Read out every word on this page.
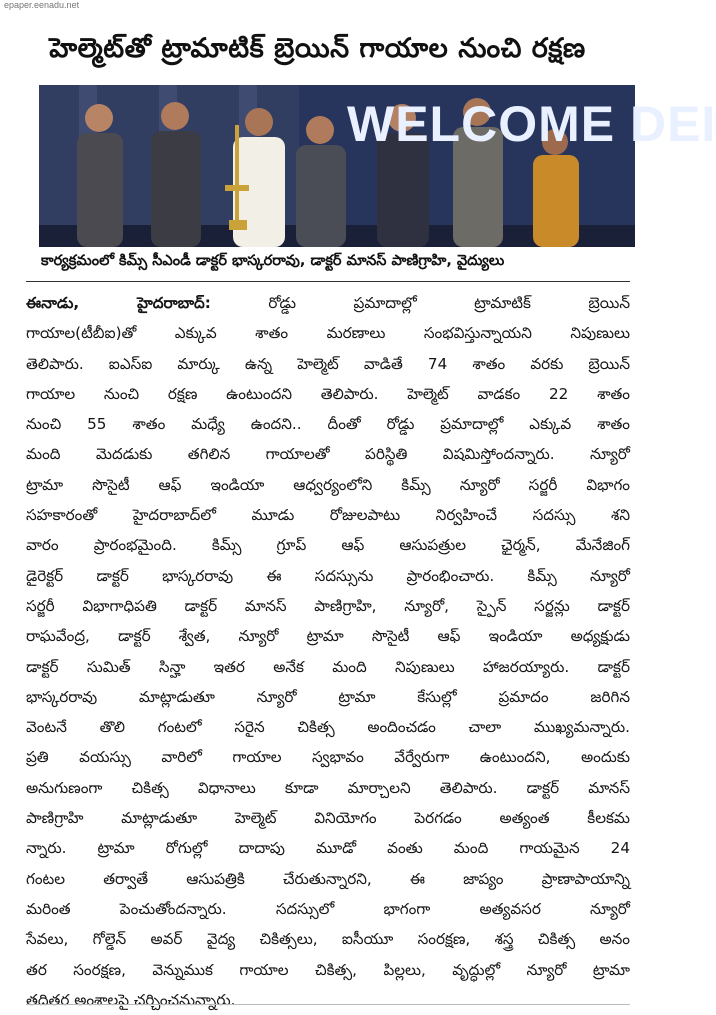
epaper.eenadu.net
హెల్మెట్‌తో ట్రామాటిక్‌ బ్రెయిన్‌ గాయాల నుంచి రక్షణ
WELCOME DEI
కార్యక్రమంలో కిమ్స్‌ సీఎండీ డాక్టర్‌ భాస్కరరావు, డాక్టర్‌ మానస్‌ పాణిగ్రాహి, వైద్యులు
ఈనాడు, హైదరాబాద్‌:	రోడ్డు ప్రమాదాల్లో ట్రామాటిక్‌ బ్రెయిన్‌
గాయాల(టీబీఐ)తో ఎక్కువ శాతం మరణాలు సంభవిస్తున్నాయని నిపుణులు
తెలిపారు. ఐఎస్‌ఐ మార్కు ఉన్న హెల్మెట్‌ వాడితే 74 శాతం వరకు బ్రెయిన్‌
గాయాల నుంచి రక్షణ ఉంటుందని తెలిపారు. హెల్మెట్‌ వాడకం 22 శాతం
నుంచి 55 శాతం మధ్యే ఉందని.. దీంతో రోడ్డు ప్రమాదాల్లో ఎక్కువ శాతం
మంది మెదడుకు తగిలిన గాయాలతో పరిస్థితి విషమిస్తోందన్నారు. న్యూరో
ట్రామా సొసైటీ ఆఫ్‌ ఇండియా ఆధ్వర్యంలోని కిమ్స్‌ న్యూరో సర్జరీ విభాగం
సహకారంతో హైదరాబాద్‌లో మూడు రోజులపాటు నిర్వహించే సదస్సు శని
వారం ప్రారంభమైంది. కిమ్స్‌ గ్రూప్‌ ఆఫ్‌ ఆసుపత్రుల ఛైర్మన్‌, మేనేజింగ్‌
డైరెక్టర్‌ డాక్టర్‌ భాస్కరరావు ఈ సదస్సును ప్రారంభించారు. కిమ్స్‌ న్యూరో
సర్జరీ విభాగాధిపతి డాక్టర్‌ మానస్‌ పాణిగ్రాహి, న్యూరో, స్పైన్‌ సర్జన్లు డాక్టర్‌
రాఘవేంద్ర, డాక్టర్‌ శ్వేత, న్యూరో ట్రామా సొసైటీ ఆఫ్‌ ఇండియా అధ్యక్షుడు
డాక్టర్‌ సుమిత్‌ సిన్హా ఇతర అనేక మంది నిపుణులు హాజరయ్యారు. డాక్టర్‌
భాస్కరరావు మాట్లాడుతూ న్యూరో ట్రామా కేసుల్లో ప్రమాదం జరిగిన
వెంటనే తొలి గంటలో సరైన చికిత్స అందించడం చాలా ముఖ్యమన్నారు.
ప్రతి వయస్సు వారిలో గాయాల స్వభావం వేర్వేరుగా ఉంటుందని, అందుకు
అనుగుణంగా చికిత్స విధానాలు కూడా మార్చాలని తెలిపారు. డాక్టర్‌ మానస్‌
పాణిగ్రాహి మాట్లాడుతూ హెల్మెట్‌ వినియోగం పెరగడం అత్యంత కీలకమ
న్నారు. ట్రామా రోగుల్లో దాదాపు మూడో వంతు మంది గాయమైన 24
గంటల తర్వాతే ఆసుపత్రికి చేరుతున్నారని, ఈ జాప్యం ప్రాణాపాయాన్ని
మరింత పెంచుతోందన్నారు. సదస్సులో భాగంగా అత్యవసర న్యూరో
సేవలు, గోల్డెన్‌ అవర్‌ వైద్య చికిత్సలు, ఐసీయూ సంరక్షణ, శస్త్ర చికిత్స అనం
తర సంరక్షణ, వెన్నుముక గాయాల చికిత్స, పిల్లలు, వృద్ధుల్లో న్యూరో ట్రామా
తదితర అంశాలపై చర్చించనున్నారు.
